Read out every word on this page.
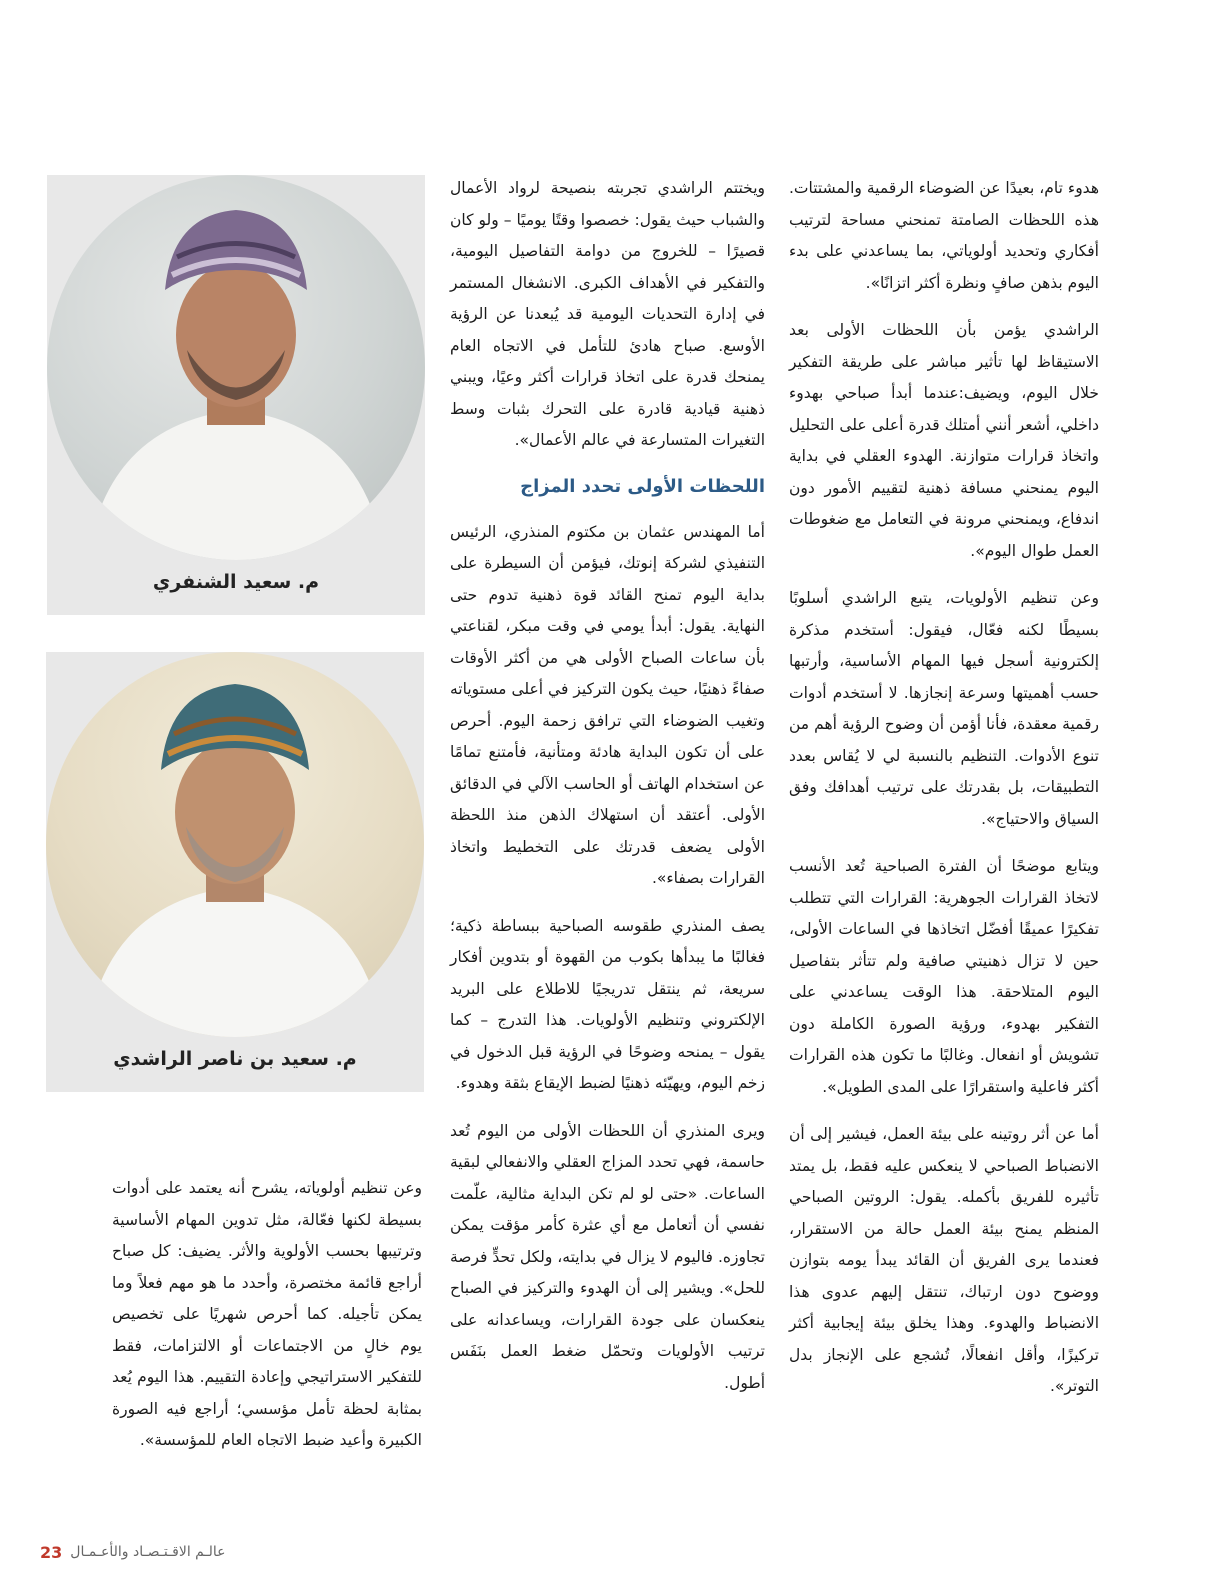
هدوء تام، بعيدًا عن الضوضاء الرقمية والمشتتات. هذه اللحظات الصامتة تمنحني مساحة لترتيب أفكاري وتحديد أولوياتي، بما يساعدني على بدء اليوم بذهن صافٍ ونظرة أكثر اتزانًا».

الراشدي يؤمن بأن اللحظات الأولى بعد الاستيقاظ لها تأثير مباشر على طريقة التفكير خلال اليوم، ويضيف:عندما أبدأ صباحي بهدوء داخلي، أشعر أنني أمتلك قدرة أعلى على التحليل واتخاذ قرارات متوازنة. الهدوء العقلي في بداية اليوم يمنحني مسافة ذهنية لتقييم الأمور دون اندفاع، ويمنحني مرونة في التعامل مع ضغوطات العمل طوال اليوم».

وعن تنظيم الأولويات، يتبع الراشدي أسلوبًا بسيطًا لكنه فعّال، فيقول: أستخدم مذكرة إلكترونية أسجل فيها المهام الأساسية، وأرتبها حسب أهميتها وسرعة إنجازها. لا أستخدم أدوات رقمية معقدة، فأنا أؤمن أن وضوح الرؤية أهم من تنوع الأدوات. التنظيم بالنسبة لي لا يُقاس بعدد التطبيقات، بل بقدرتك على ترتيب أهدافك وفق السياق والاحتياج».

ويتابع موضحًا أن الفترة الصباحية تُعد الأنسب لاتخاذ القرارات الجوهرية: القرارات التي تتطلب تفكيرًا عميقًا أفضّل اتخاذها في الساعات الأولى، حين لا تزال ذهنيتي صافية ولم تتأثر بتفاصيل اليوم المتلاحقة. هذا الوقت يساعدني على التفكير بهدوء، ورؤية الصورة الكاملة دون تشويش أو انفعال. وغالبًا ما تكون هذه القرارات أكثر فاعلية واستقرارًا على المدى الطويل».

أما عن أثر روتينه على بيئة العمل، فيشير إلى أن الانضباط الصباحي لا ينعكس عليه فقط، بل يمتد تأثيره للفريق بأكمله. يقول: الروتين الصباحي المنظم يمنح بيئة العمل حالة من الاستقرار، فعندما يرى الفريق أن القائد يبدأ يومه بتوازن ووضوح دون ارتباك، تنتقل إليهم عدوى هذا الانضباط والهدوء. وهذا يخلق بيئة إيجابية أكثر تركيزًا، وأقل انفعالًا، تُشجع على الإنجاز بدل التوتر».

ويختتم الراشدي تجربته بنصيحة لرواد الأعمال والشباب حيث يقول: خصصوا وقتًا يوميًا – ولو كان قصيرًا – للخروج من دوامة التفاصيل اليومية، والتفكير في الأهداف الكبرى. الانشغال المستمر في إدارة التحديات اليومية قد يُبعدنا عن الرؤية الأوسع. صباح هادئ للتأمل في الاتجاه العام يمنحك قدرة على اتخاذ قرارات أكثر وعيًا، ويبني ذهنية قيادية قادرة على التحرك بثبات وسط التغيرات المتسارعة في عالم الأعمال».

اللحظات الأولى تحدد المزاج

أما المهندس عثمان بن مكتوم المنذري، الرئيس التنفيذي لشركة إنوتك، فيؤمن أن السيطرة على بداية اليوم تمنح القائد قوة ذهنية تدوم حتى النهاية. يقول: أبدأ يومي في وقت مبكر، لقناعتي بأن ساعات الصباح الأولى هي من أكثر الأوقات صفاءً ذهنيًا، حيث يكون التركيز في أعلى مستوياته وتغيب الضوضاء التي ترافق زحمة اليوم. أحرص على أن تكون البداية هادئة ومتأنية، فأمتنع تمامًا عن استخدام الهاتف أو الحاسب الآلي في الدقائق الأولى. أعتقد أن استهلاك الذهن منذ اللحظة الأولى يضعف قدرتك على التخطيط واتخاذ القرارات بصفاء».

يصف المنذري طقوسه الصباحية ببساطة ذكية؛ فغالبًا ما يبدأها بكوب من القهوة أو بتدوين أفكار سريعة، ثم ينتقل تدريجيًا للاطلاع على البريد الإلكتروني وتنظيم الأولويات. هذا التدرج – كما يقول – يمنحه وضوحًا في الرؤية قبل الدخول في زخم اليوم، ويهيّئه ذهنيًا لضبط الإيقاع بثقة وهدوء.

ويرى المنذري أن اللحظات الأولى من اليوم تُعد حاسمة، فهي تحدد المزاج العقلي والانفعالي لبقية الساعات. «حتى لو لم تكن البداية مثالية، علّمت نفسي أن أتعامل مع أي عثرة كأمر مؤقت يمكن تجاوزه. فاليوم لا يزال في بدايته، ولكل تحدٍّ فرصة للحل». ويشير إلى أن الهدوء والتركيز في الصباح ينعكسان على جودة القرارات، ويساعدانه على ترتيب الأولويات وتحمّل ضغط العمل بنَفَس أطول.

م. سعيد الشنفري
م. سعيد بن ناصر الراشدي

وعن تنظيم أولوياته، يشرح أنه يعتمد على أدوات بسيطة لكنها فعّالة، مثل تدوين المهام الأساسية وترتيبها بحسب الأولوية والأثر. يضيف: كل صباح أراجع قائمة مختصرة، وأحدد ما هو مهم فعلاً وما يمكن تأجيله. كما أحرص شهريًا على تخصيص يوم خالٍ من الاجتماعات أو الالتزامات، فقط للتفكير الاستراتيجي وإعادة التقييم. هذا اليوم يُعد بمثابة لحظة تأمل مؤسسي؛ أراجع فيه الصورة الكبيرة وأعيد ضبط الاتجاه العام للمؤسسة».

23 عالـم الاقـتـصـاد والأعـمـال
